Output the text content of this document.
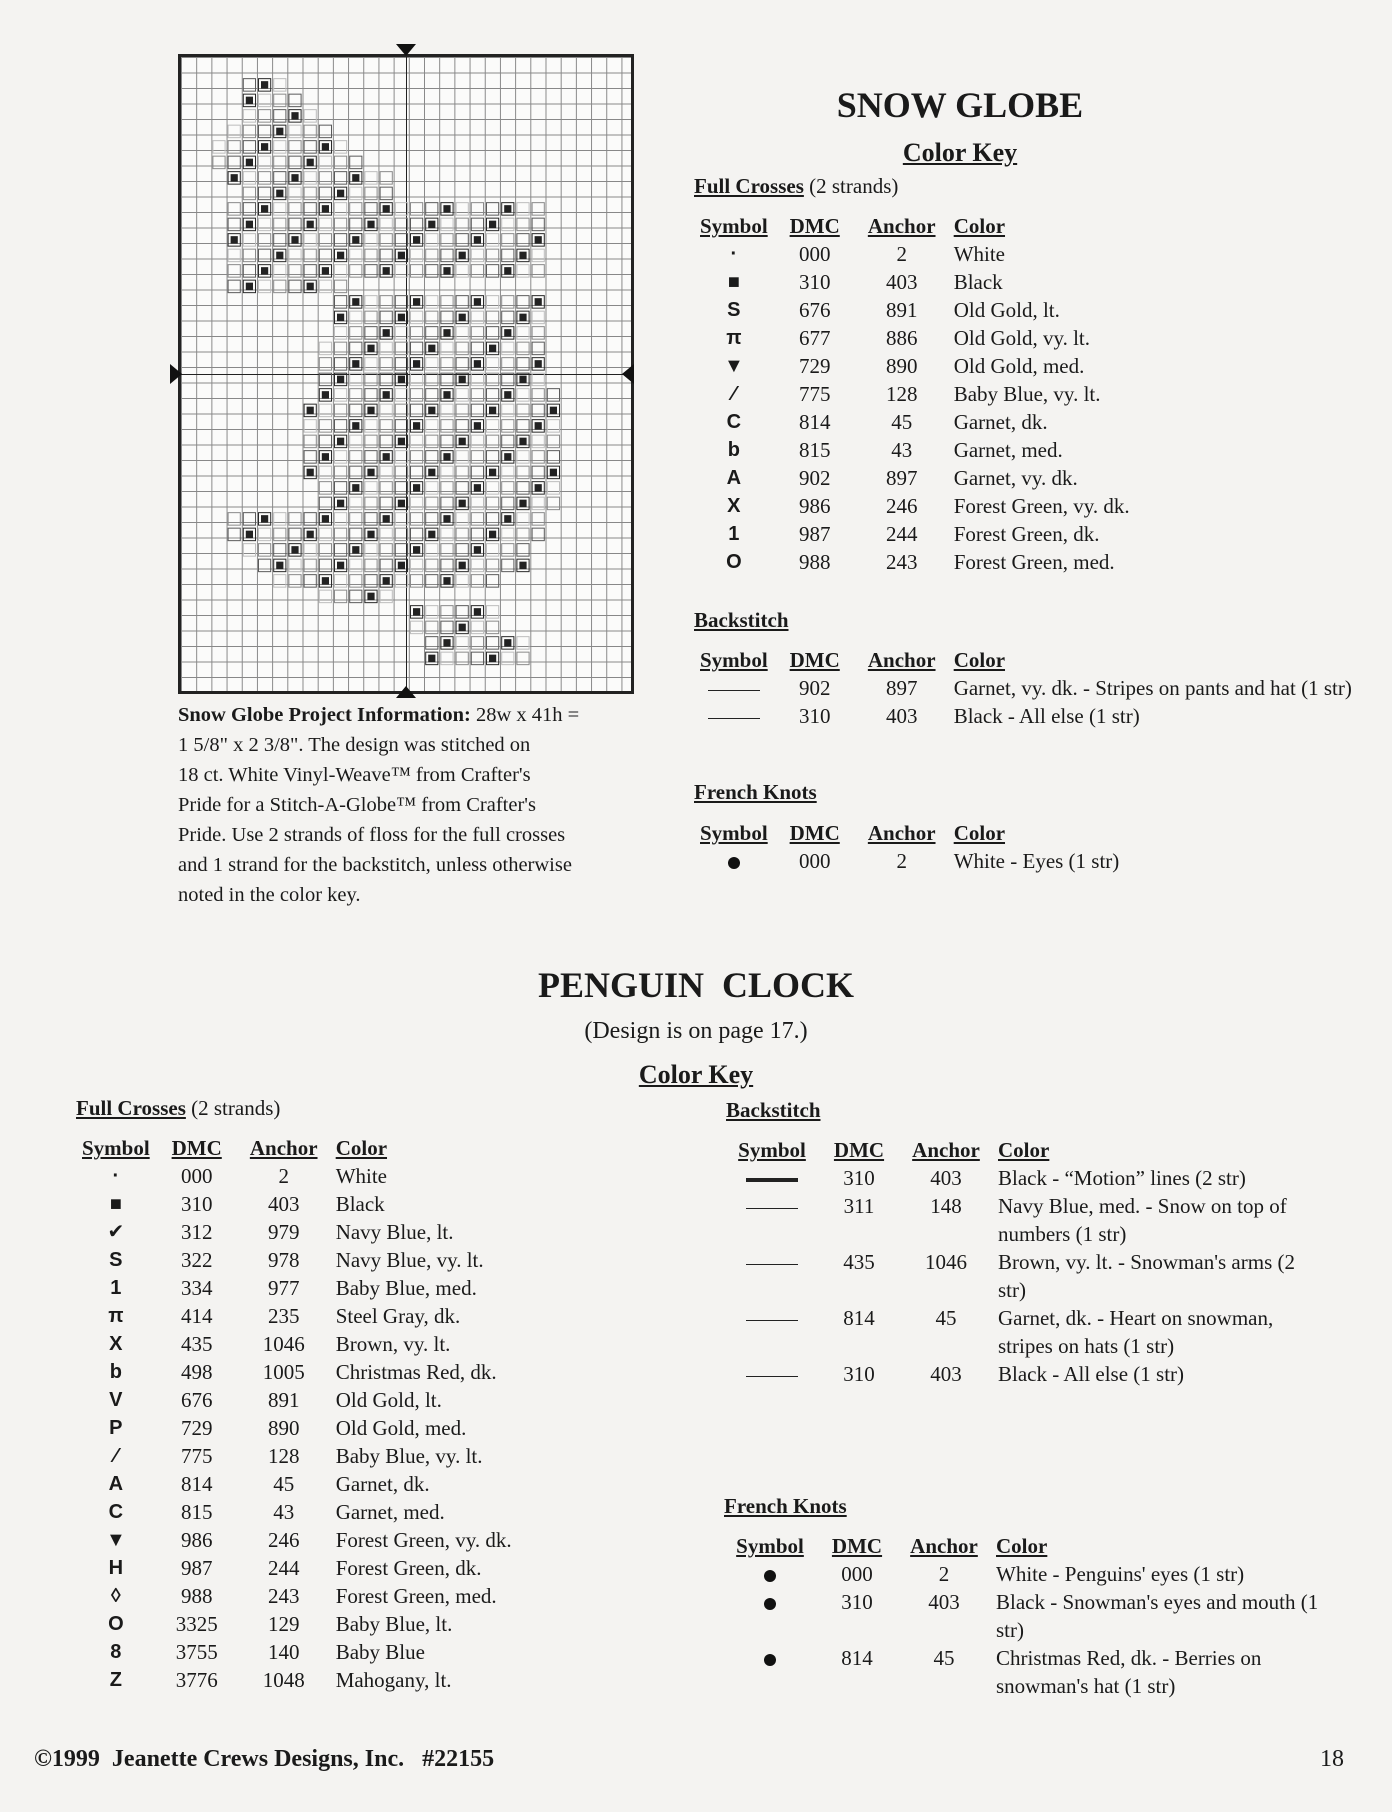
Snow Globe Project Information: 28w x 41h =
1 5/8" x 2 3/8". The design was stitched on
18 ct. White Vinyl-Weave™ from Crafter's
Pride for a Stitch-A-Globe™ from Crafter's
Pride. Use 2 strands of floss for the full crosses
and 1 strand for the backstitch, unless otherwise
noted in the color key.
SNOW GLOBE
Color Key
Full Crosses (2 strands)
Symbol	DMC	Anchor	Color
·	000	2	White
■	310	403	Black
S	676	891	Old Gold, lt.
π	677	886	Old Gold, vy. lt.
▼	729	890	Old Gold, med.
⁄	775	128	Baby Blue, vy. lt.
C	814	45	Garnet, dk.
b	815	43	Garnet, med.
A	902	897	Garnet, vy. dk.
X	986	246	Forest Green, vy. dk.
1	987	244	Forest Green, dk.
O	988	243	Forest Green, med.
Backstitch
Symbol	DMC	Anchor	Color
	902	897	Garnet, vy. dk. - Stripes on pants and hat (1 str)
	310	403	Black - All else (1 str)
French Knots
Symbol	DMC	Anchor	Color
	000	2	White - Eyes (1 str)
PENGUIN  CLOCK
(Design is on page 17.)
Color Key
Full Crosses (2 strands)
Symbol	DMC	Anchor	Color
·	000	2	White
■	310	403	Black
✔	312	979	Navy Blue, lt.
S	322	978	Navy Blue, vy. lt.
1	334	977	Baby Blue, med.
π	414	235	Steel Gray, dk.
X	435	1046	Brown, vy. lt.
b	498	1005	Christmas Red, dk.
V	676	891	Old Gold, lt.
P	729	890	Old Gold, med.
⁄	775	128	Baby Blue, vy. lt.
A	814	45	Garnet, dk.
C	815	43	Garnet, med.
▼	986	246	Forest Green, vy. dk.
H	987	244	Forest Green, dk.
◊	988	243	Forest Green, med.
O	3325	129	Baby Blue, lt.
8	3755	140	Baby Blue
Z	3776	1048	Mahogany, lt.
Backstitch
Symbol	DMC	Anchor	Color
	310	403	Black - “Motion” lines (2 str)
	311	148	Navy Blue, med. - Snow on top of numbers (1 str)
	435	1046	Brown, vy. lt. - Snowman's arms (2 str)
	814	45	Garnet, dk. - Heart on snowman, stripes on hats (1 str)
	310	403	Black - All else (1 str)
French Knots
Symbol	DMC	Anchor	Color
	000	2	White - Penguins' eyes (1 str)
	310	403	Black - Snowman's eyes and mouth (1 str)
	814	45	Christmas Red, dk. - Berries on snowman's hat (1 str)
©1999  Jeanette Crews Designs, Inc.   #22155	18
